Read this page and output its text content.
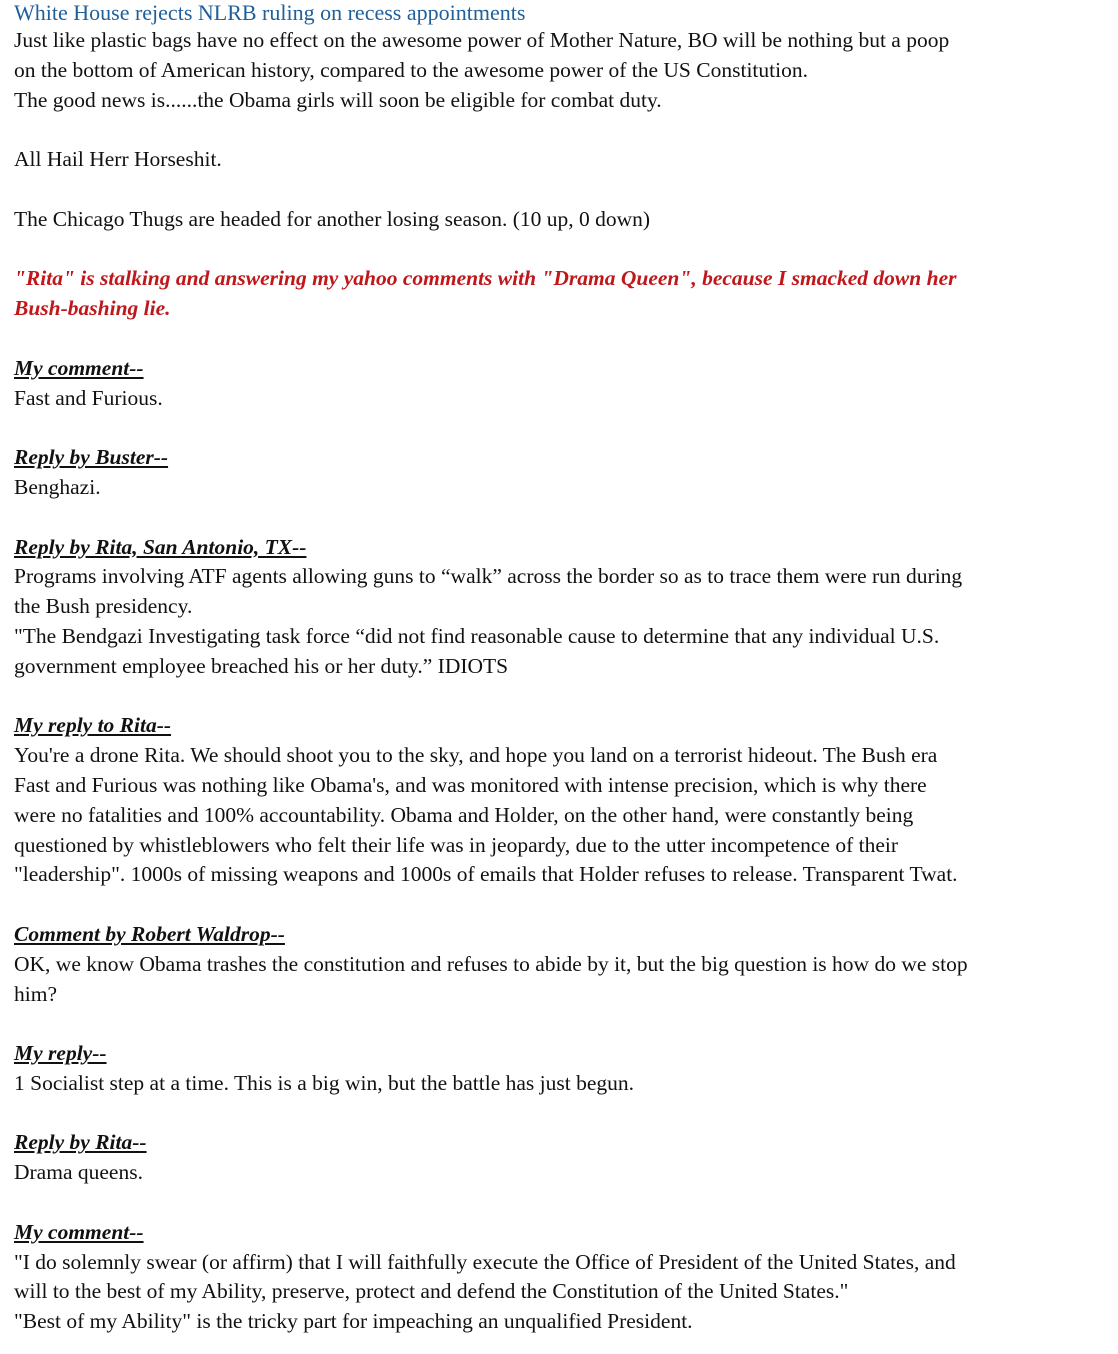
White House rejects NLRB ruling on recess appointments
Just like plastic bags have no effect on the awesome power of Mother Nature, BO will be nothing but a poop
on the bottom of American history, compared to the awesome power of the US Constitution.
The good news is......the Obama girls will soon be eligible for combat duty.
All Hail Herr Horseshit.
The Chicago Thugs are headed for another losing season. (10 up, 0 down)
"Rita" is stalking and answering my yahoo comments with "Drama Queen", because I smacked down her
Bush-bashing lie.
My comment--
Fast and Furious.
Reply by Buster--
Benghazi.
Reply by Rita, San Antonio, TX--
Programs involving ATF agents allowing guns to “walk” across the border so as to trace them were run during
the Bush presidency.
"The Bendgazi Investigating task force “did not find reasonable cause to determine that any individual U.S.
government employee breached his or her duty.” IDIOTS
My reply to Rita--
You're a drone Rita. We should shoot you to the sky, and hope you land on a terrorist hideout. The Bush era
Fast and Furious was nothing like Obama's, and was monitored with intense precision, which is why there
were no fatalities and 100% accountability. Obama and Holder, on the other hand, were constantly being
questioned by whistleblowers who felt their life was in jeopardy, due to the utter incompetence of their
"leadership". 1000s of missing weapons and 1000s of emails that Holder refuses to release. Transparent Twat.
Comment by Robert Waldrop--
OK, we know Obama trashes the constitution and refuses to abide by it, but the big question is how do we stop
him?
My reply--
1 Socialist step at a time. This is a big win, but the battle has just begun.
Reply by Rita--
Drama queens.
My comment--
"I do solemnly swear (or affirm) that I will faithfully execute the Office of President of the United States, and
will to the best of my Ability, preserve, protect and defend the Constitution of the United States."
"Best of my Ability" is the tricky part for impeaching an unqualified President.
